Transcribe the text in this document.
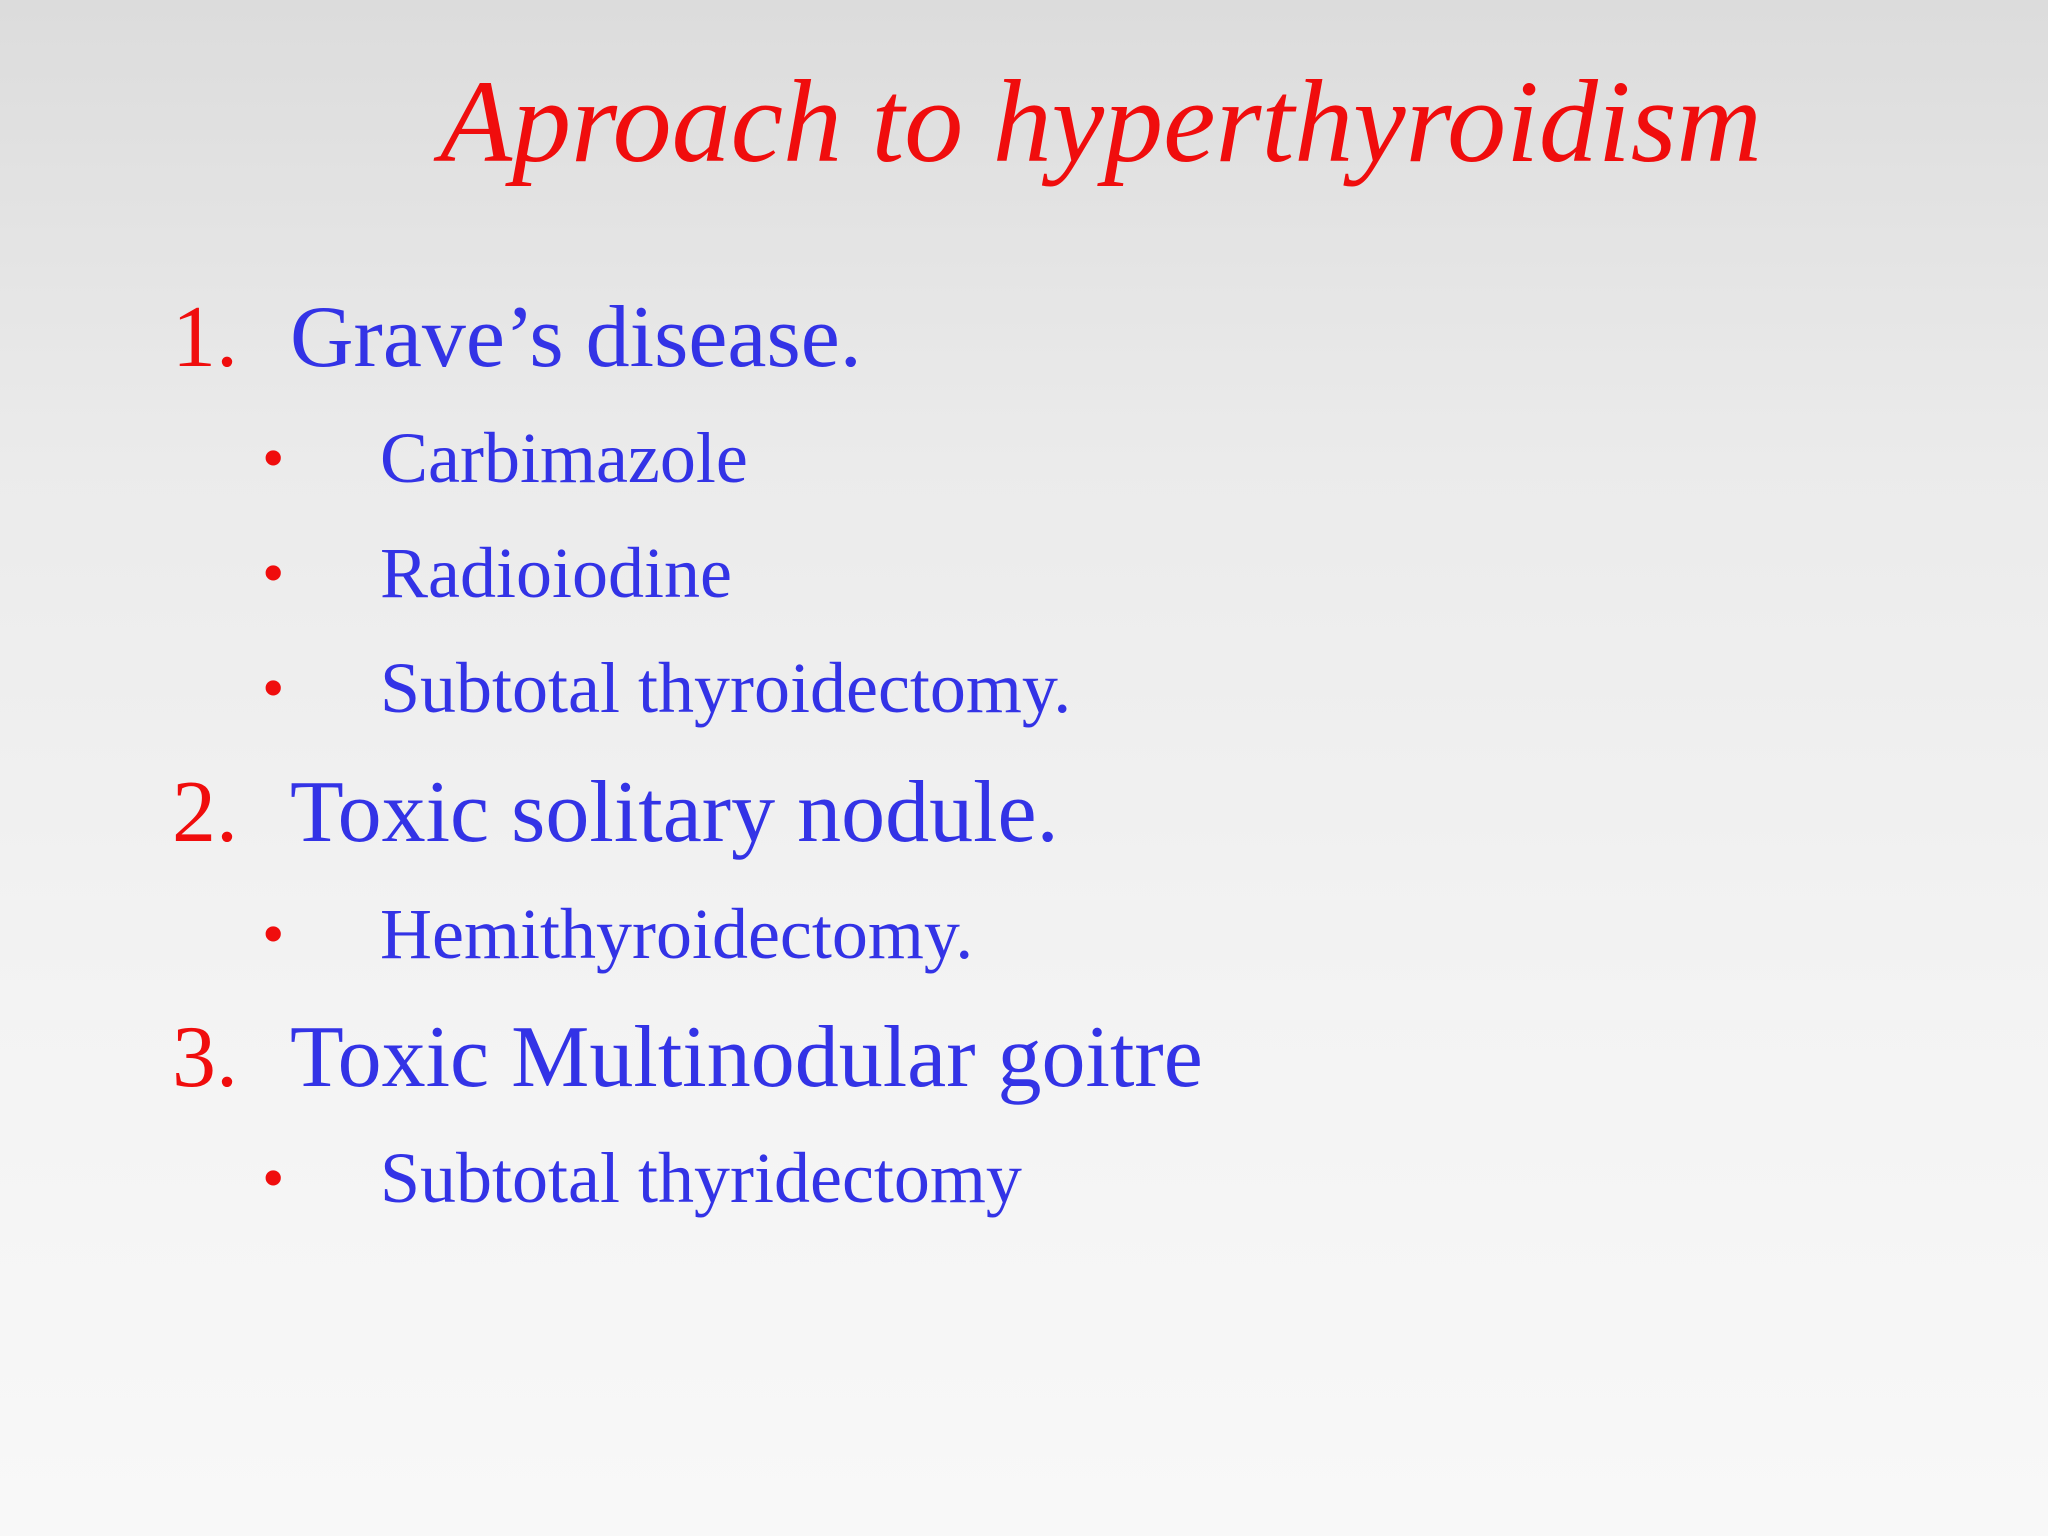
Aproach to hyperthyroidism
1. Grave’s disease.
• Carbimazole
• Radioiodine
• Subtotal thyroidectomy.
2. Toxic solitary nodule.
• Hemithyroidectomy.
3. Toxic Multinodular goitre
• Subtotal thyridectomy
